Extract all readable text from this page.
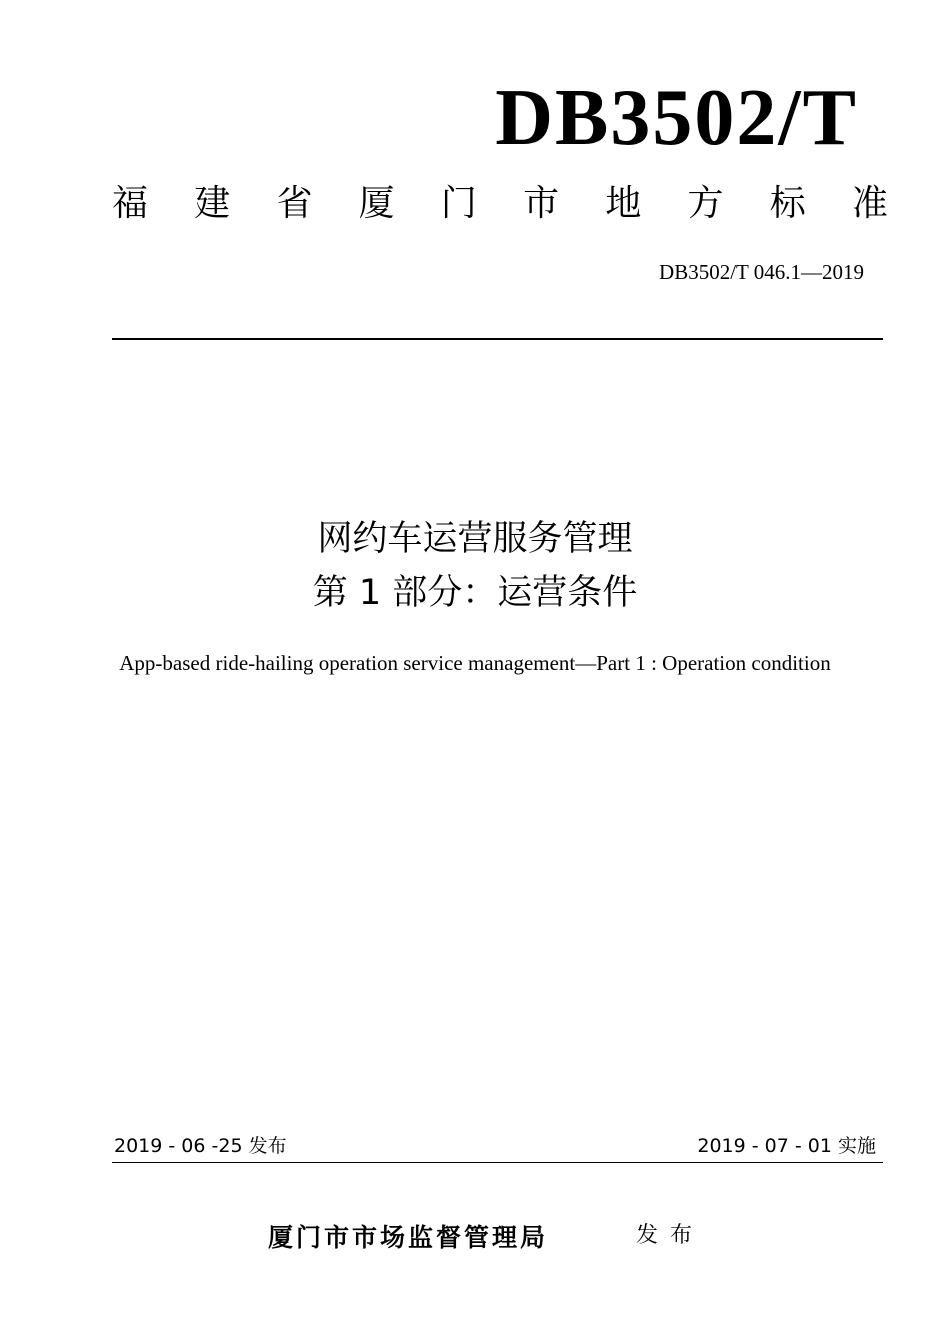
DB3502/T
福 建 省 厦 门 市 地 方 标 准
DB3502/T 046.1—2019
网约车运营服务管理
第 1 部分：运营条件
App-based ride-hailing operation service management—Part 1 : Operation condition
2019 - 06 -25 发布	2019 - 07 - 01 实施
厦门市市场监督管理局	发布
